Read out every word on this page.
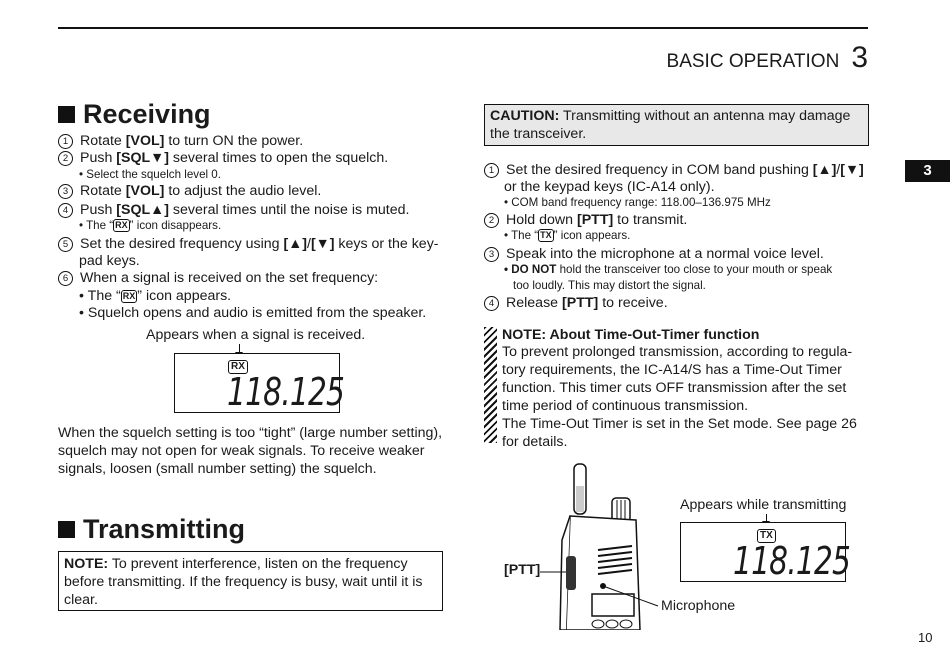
BASIC OPERATION 3
3
Receiving
1 Rotate [VOL] to turn ON the power.
2 Push [SQL▼] several times to open the squelch.
• Select the squelch level 0.
3 Rotate [VOL] to adjust the audio level.
4 Push [SQL▲] several times until the noise is muted.
• The “ RX ” icon disappears.
5 Set the desired frequency using [▲]/[▼] keys or the key-
pad keys.
6 When a signal is received on the set frequency:
• The “ RX ” icon appears.
• Squelch opens and audio is emitted from the speaker.
Appears when a signal is received.
RX
118.125
When the squelch setting is too “tight” (large number setting),
squelch may not open for weak signals. To receive weaker
signals, loosen (small number setting) the squelch.
Transmitting
NOTE: To prevent interference, listen on the frequency
before transmitting. If the frequency is busy, wait until it is
clear.
CAUTION: Transmitting without an antenna may damage
the transceiver.
1 Set the desired frequency in COM band pushing [▲]/[▼]
or the keypad keys (IC-A14 only).
• COM band frequency range: 118.00–136.975 MHz
2 Hold down [PTT] to transmit.
• The “ TX ” icon appears.
3 Speak into the microphone at a normal voice level.
• DO NOT hold the transceiver too close to your mouth or speak
too loudly. This may distort the signal.
4 Release [PTT] to receive.
NOTE: About Time-Out-Timer function
To prevent prolonged transmission, according to regula-
tory requirements, the IC-A14/S has a Time-Out Timer
function. This timer cuts OFF transmission after the set
time period of continuous transmission.
The Time-Out Timer is set in the Set mode. See page 26
for details.
[PTT]
Microphone
Appears while transmitting
TX
118.125
10
